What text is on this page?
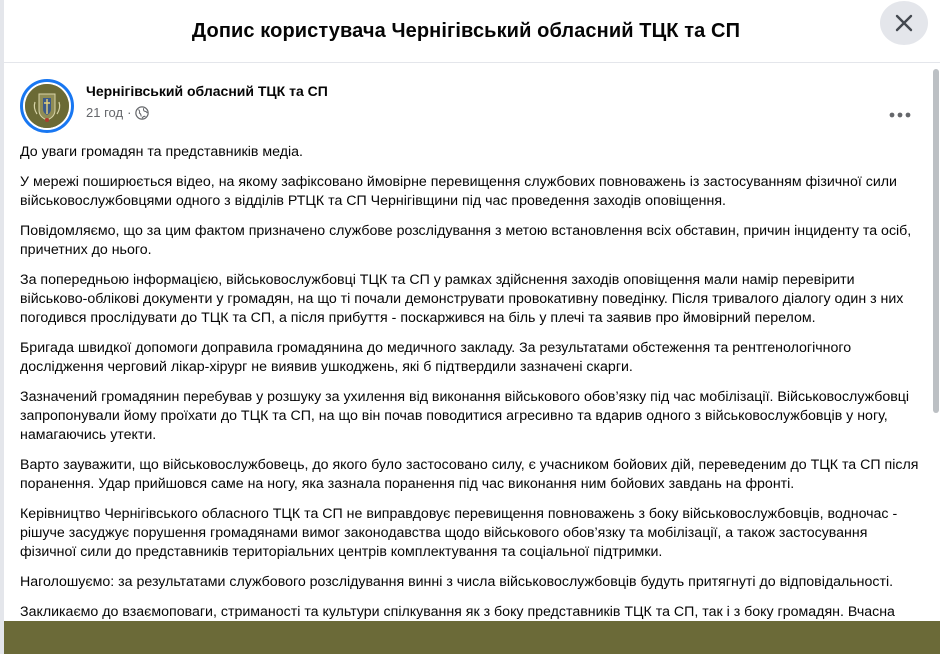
Допис користувача Чернігівський обласний ТЦК та СП
Чернігівський обласний ТЦК та СП
21 год ·

До уваги громадян та представників медіа.

У мережі поширюється відео, на якому зафіксовано ймовірне перевищення службових повноважень із застосуванням фізичної сили військовослужбовцями одного з відділів РТЦК та СП Чернігівщини під час проведення заходів оповіщення.

Повідомляємо, що за цим фактом призначено службове розслідування з метою встановлення всіх обставин, причин інциденту та осіб, причетних до нього.

За попередньою інформацією, військовослужбовці ТЦК та СП у рамках здійснення заходів оповіщення мали намір перевірити військово-облікові документи у громадян, на що ті почали демонструвати провокативну поведінку. Після тривалого діалогу один з них погодився прослідувати до ТЦК та СП, а після прибуття - поскаржився на біль у плечі та заявив про ймовірний перелом.

Бригада швидкої допомоги доправила громадянина до медичного закладу. За результатами обстеження та рентгенологічного дослідження черговий лікар-хірург не виявив ушкоджень, які б підтвердили зазначені скарги.

Зазначений громадянин перебував у розшуку за ухилення від виконання військового обов’язку під час мобілізації. Військовослужбовці запропонували йому проїхати до ТЦК та СП, на що він почав поводитися агресивно та вдарив одного з військовослужбовців у ногу, намагаючись утекти.

Варто зауважити, що військовослужбовець, до якого було застосовано силу, є учасником бойових дій, переведеним до ТЦК та СП після поранення. Удар прийшовся саме на ногу, яка зазнала поранення під час виконання ним бойових завдань на фронті.

Керівництво Чернігівського обласного ТЦК та СП не виправдовує перевищення повноважень з боку військовослужбовців, водночас - рішуче засуджує порушення громадянами вимог законодавства щодо військового обов’язку та мобілізації, а також застосування фізичної сили до представників територіальних центрів комплектування та соціальної підтримки.

Наголошуємо: за результатами службового розслідування винні з числа військовослужбовців будуть притягнуті до відповідальності.

Закликаємо до взаємоповаги, стриманості та культури спілкування як з боку представників ТЦК та СП, так і з боку громадян. Вчасна
